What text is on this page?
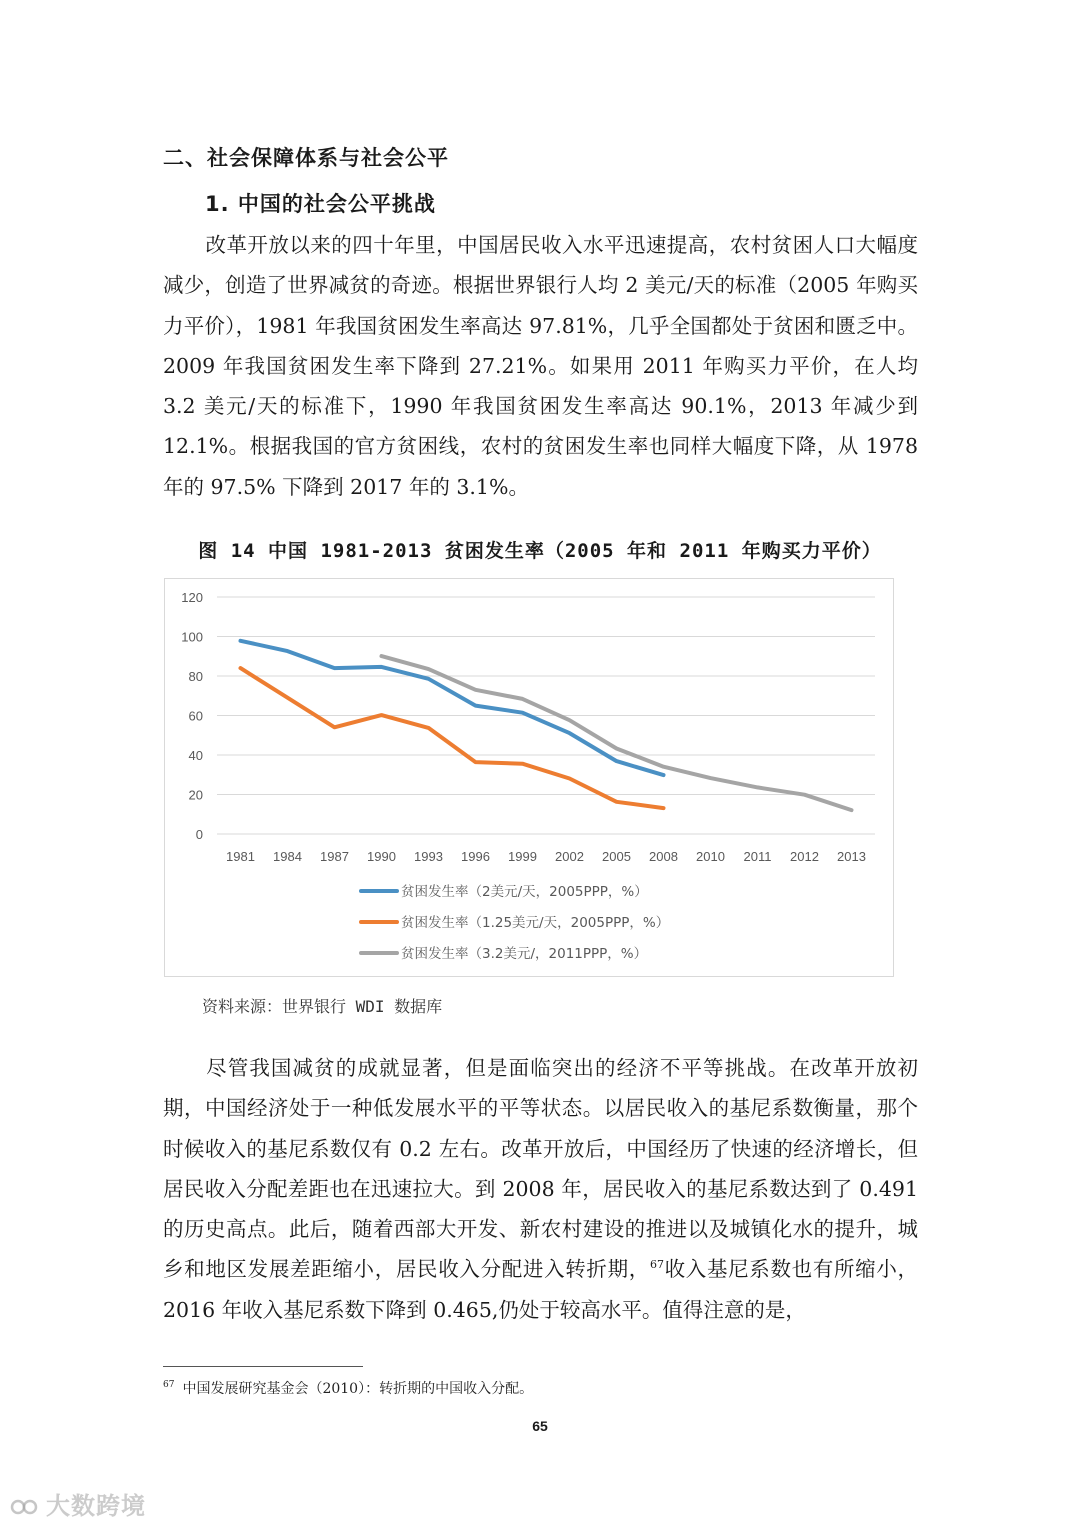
二、社会保障体系与社会公平
1. 中国的社会公平挑战

改革开放以来的四十年里，中国居民收入水平迅速提高，农村贫困人口大幅度减少，创造了世界减贫的奇迹。根据世界银行人均 2 美元/天的标准（2005 年购买力平价），1981 年我国贫困发生率高达 97.81%，几乎全国都处于贫困和匮乏中。2009 年我国贫困发生率下降到 27.21%。如果用 2011 年购买力平价，在人均 3.2 美元/天的标准下，1990 年我国贫困发生率高达 90.1%，2013 年减少到 12.1%。根据我国的官方贫困线，农村的贫困发生率也同样大幅度下降，从 1978 年的 97.5% 下降到 2017 年的 3.1%。

图 14 中国 1981-2013 贫困发生率（2005 年和 2011 年购买力平价）
0
20
40
60
80
100
120
1981 1984 1987 1990 1993 1996 1999 2002 2005 2008 2010 2011 2012 2013
贫困发生率（2美元/天，2005PPP，%）
贫困发生率（1.25美元/天，2005PPP，%）
贫困发生率（3.2美元/，2011PPP，%）
资料来源：世界银行 WDI 数据库

尽管我国减贫的成就显著，但是面临突出的经济不平等挑战。在改革开放初期，中国经济处于一种低发展水平的平等状态。以居民收入的基尼系数衡量，那个时候收入的基尼系数仅有 0.2 左右。改革开放后，中国经历了快速的经济增长，但居民收入分配差距也在迅速拉大。到 2008 年，居民收入的基尼系数达到了 0.491 的历史高点。此后，随着西部大开发、新农村建设的推进以及城镇化水的提升，城乡和地区发展差距缩小，居民收入分配进入转折期，$^{67}$收入基尼系数也有所缩小，2016 年收入基尼系数下降到 0.465,仍处于较高水平。值得注意的是，

$^{67}$ 中国发展研究基金会（2010）：转折期的中国收入分配。
65
大数跨境
